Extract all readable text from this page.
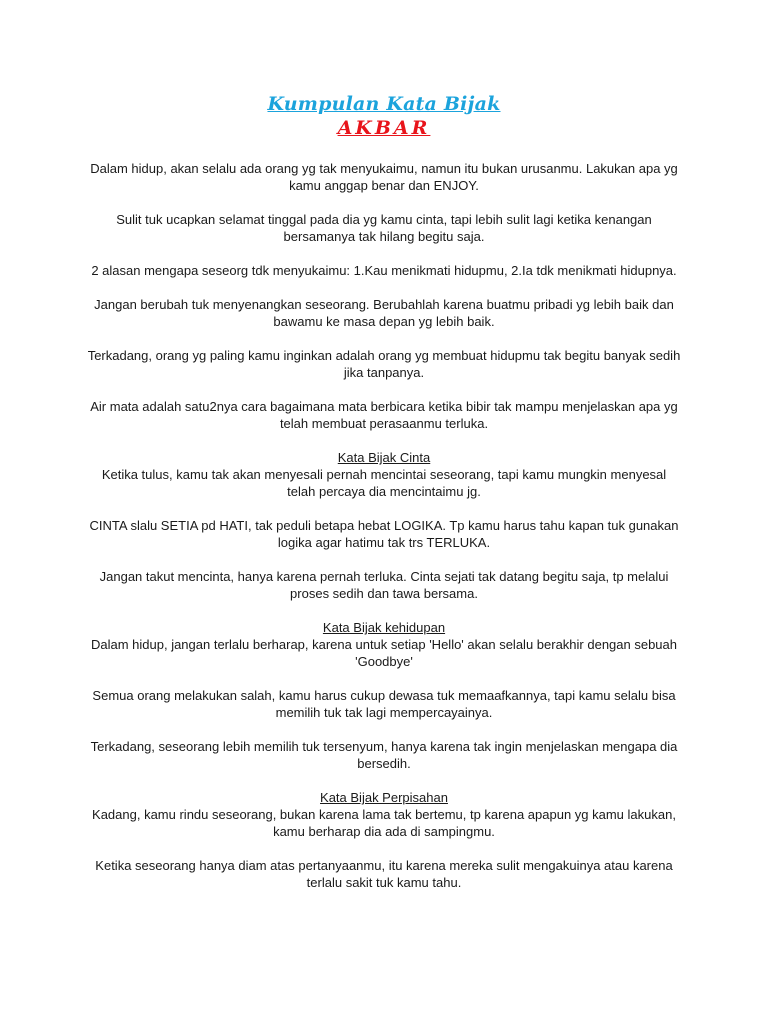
Kumpulan Kata Bijak
AKBAR

Dalam hidup, akan selalu ada orang yg tak menyukaimu, namun itu bukan urusanmu. Lakukan apa yg kamu anggap benar dan ENJOY.

Sulit tuk ucapkan selamat tinggal pada dia yg kamu cinta, tapi lebih sulit lagi ketika kenangan bersamanya tak hilang begitu saja.

2 alasan mengapa seseorg tdk menyukaimu: 1.Kau menikmati hidupmu, 2.Ia tdk menikmati hidupnya.

Jangan berubah tuk menyenangkan seseorang. Berubahlah karena buatmu pribadi yg lebih baik dan bawamu ke masa depan yg lebih baik.

Terkadang, orang yg paling kamu inginkan adalah orang yg membuat hidupmu tak begitu banyak sedih jika tanpanya.

Air mata adalah satu2nya cara bagaimana mata berbicara ketika bibir tak mampu menjelaskan apa yg telah membuat perasaanmu terluka.

Kata Bijak Cinta

Ketika tulus, kamu tak akan menyesali pernah mencintai seseorang, tapi kamu mungkin menyesal telah percaya dia mencintaimu jg.

CINTA slalu SETIA pd HATI, tak peduli betapa hebat LOGIKA. Tp kamu harus tahu kapan tuk gunakan logika agar hatimu tak trs TERLUKA.

Jangan takut mencinta, hanya karena pernah terluka. Cinta sejati tak datang begitu saja, tp melalui proses sedih dan tawa bersama.

Kata Bijak kehidupan

Dalam hidup, jangan terlalu berharap, karena untuk setiap 'Hello' akan selalu berakhir dengan sebuah 'Goodbye'

Semua orang melakukan salah, kamu harus cukup dewasa tuk memaafkannya, tapi kamu selalu bisa memilih tuk tak lagi mempercayainya.

Terkadang, seseorang lebih memilih tuk tersenyum, hanya karena tak ingin menjelaskan mengapa dia bersedih.

Kata Bijak Perpisahan

Kadang, kamu rindu seseorang, bukan karena lama tak bertemu, tp karena apapun yg kamu lakukan, kamu berharap dia ada di sampingmu.

Ketika seseorang hanya diam atas pertanyaanmu, itu karena mereka sulit mengakuinya atau karena terlalu sakit tuk kamu tahu.
